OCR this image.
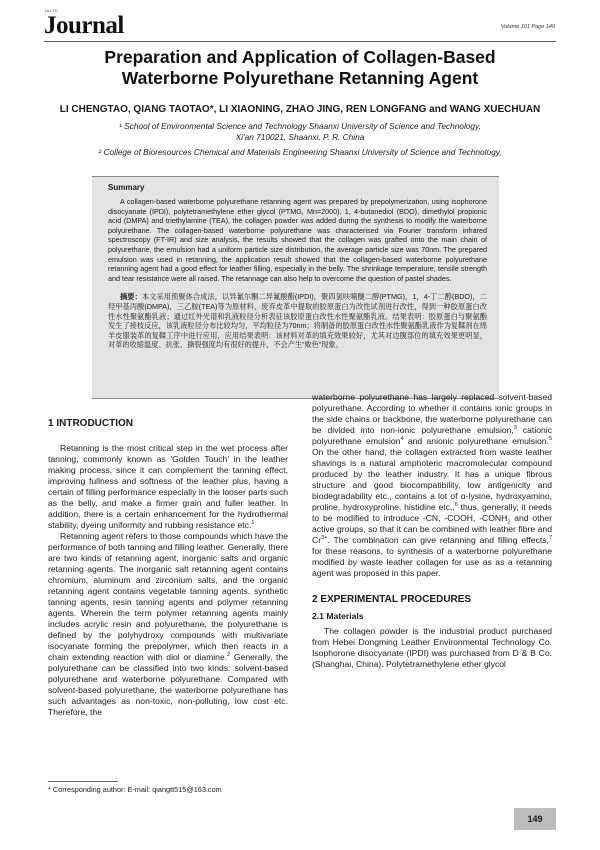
JALTC
Journal	Volume 101 Page 149
Preparation and Application of Collagen-Based
Waterborne Polyurethane Retanning Agent
LI CHENGTAO, QIANG TAOTAO*, LI XIAONING, ZHAO JING, REN LONGFANG and WANG XUECHUAN
¹ School of Environmental Science and Technology Shaanxi University of Science and Technology,
Xi'an 710021, Shaanxi, P. R. China
² College of Bioresources Chemical and Materials Engineering Shaanxi University of Science and Technology,
Summary
A collagen-based waterborne polyurethane retanning agent was prepared by prepolymerization, using isophorone disocyanate (IPDI), polytetramethylene ether glycol (PTMG, Mn=2000), 1, 4-butanediol (BDO), dimethylol propionic acid (DMPA) and triethylamine (TEA), the collagen powder was added during the synthesis to modify the waterborne polyurethane. The collagen-based waterborne polyurethane was characterised via Fourier transform infrared spectroscopy (FT-IR) and size analysis, the results showed that the collagen was grafted onto the main chain of polyurethane, the emulsion had a uniform particle size distribution, the average particle size was 70nm. The prepared emulsion was used in retanning, the application result showed that the collagen-based waterborne polyurethane retanning agent had a good effect for leather filling, especially in the belly. The shrinkage temperature, tensile strength and tear resistance were all raised. The retannage can also help to overcome the question of pastel shades.
摘要：本文采用预聚体合成法，以异氰尔酮二异氰酸酯(IPDI)，聚四氢呋喃醚二醇(PTMG)，1，4-丁二醇(BDO)，二羟甲基丙酸(DMPA)，三乙胺(TEA)等为原材料，废弃皮革中提取的胶原蛋白为改性试剂进行改性，得到一种胶原蛋白改性水性聚氨酯乳液；通过红外光谱和乳液粒径分析表征该胶原蛋白改性水性聚氨酯乳液。结果表明：胶原蛋白与聚氨酯发生了接枝反应，该乳液粒径分布比较均匀，平均粒径为70nm；将制备的胶原蛋白改性水性聚氨酯乳液作为复鞣剂在绵羊皮服装革的复鞣工序中进行应用，应用结果表明：该材料对革的填充效果较好，尤其对边腹部位的填充效果更明显，对革的收缩温度、抗张、撕裂强度均有很好的提升，不会产生“败色”现象。
1 INTRODUCTION

Retanning is the most critical step in the wet process after tanning, commonly known as 'Golden Touch' in the leather making process, since it can complement the tanning effect, improving fullness and softness of the leather plus, having a certain of filling performance especially in the looser parts such as the belly, and make a firmer grain and fuller leather. In addition, there is a certain enhancement for the hydrothermal stability, dyeing uniformity and rubbing resistance etc.$^1$

Retanning agent refers to those compounds which have the performance of both tanning and filling leather. Generally, there are two kinds of retanning agent, inorganic salts and organic retanning agents. The inorganic salt retanning agent contains chromium, aluminum and zirconium salts, and the organic retanning agent contains vegetable tanning agents, synthetic tanning agents, resin tanning agents and polymer retanning agents. Wherein the term polymer retanning agents mainly includes acrylic resin and polyurethane, the polyurethane is defined by the polyhydroxy compounds with multivariate isocyanate forming the prepolymer, which then reacts in a chain extending reaction with diol or diamine.$^2$ Generally, the polyurethane can be classified into two kinds: solvent-based polyurethane and waterborne polyurethane. Compared with solvent-based polyurethane, the waterborne polyurethane has such advantages as non-toxic, non-polluting, low cost etc. Therefore, the

waterborne polyurethane has largely replaced solvent-based polyurethane. According to whether it contains ionic groups in the side chains or backbone, the waterborne polyurethane can be divided into non-ionic polyurethane emulsion,$^3$ cationic polyurethane emulsion$^4$ and anionic polyurethane emulsion.$^5$ On the other hand, the collagen extracted from waste leather shavings is a natural amphoteric macromolecular compound produced by the leather industry. It has a unique fibrous structure and good biocompatibility, low antigenicity and biodegradability etc., contains a lot of α-lysine, hydroxyamino, proline, hydroxyproline, histidine etc.,$^6$ thus, generally, it needs to be modified to introduce -CN, -COOH, $-CONH_2$ and other active groups, so that it can be combined with leather fibre and $Cr^{3+}$. The combination can give retanning and filling effects,$^7$ for these reasons, to synthesis of a waterborne polyurethane modified by waste leather collagen for use as as a retanning agent was proposed in this paper.

2 EXPERIMENTAL PROCEDURES
2.1 Materials

The collagen powder is the industrial product purchased from Hebei Dongming Leather Environmental Technology Co. Isophorone disocyanate (IPDI) was purchased from D & B Co. (Shanghai, China). Polytetramethylene ether glycol

* Corresponding author: E-mail: qiangtt515@163.com
149
